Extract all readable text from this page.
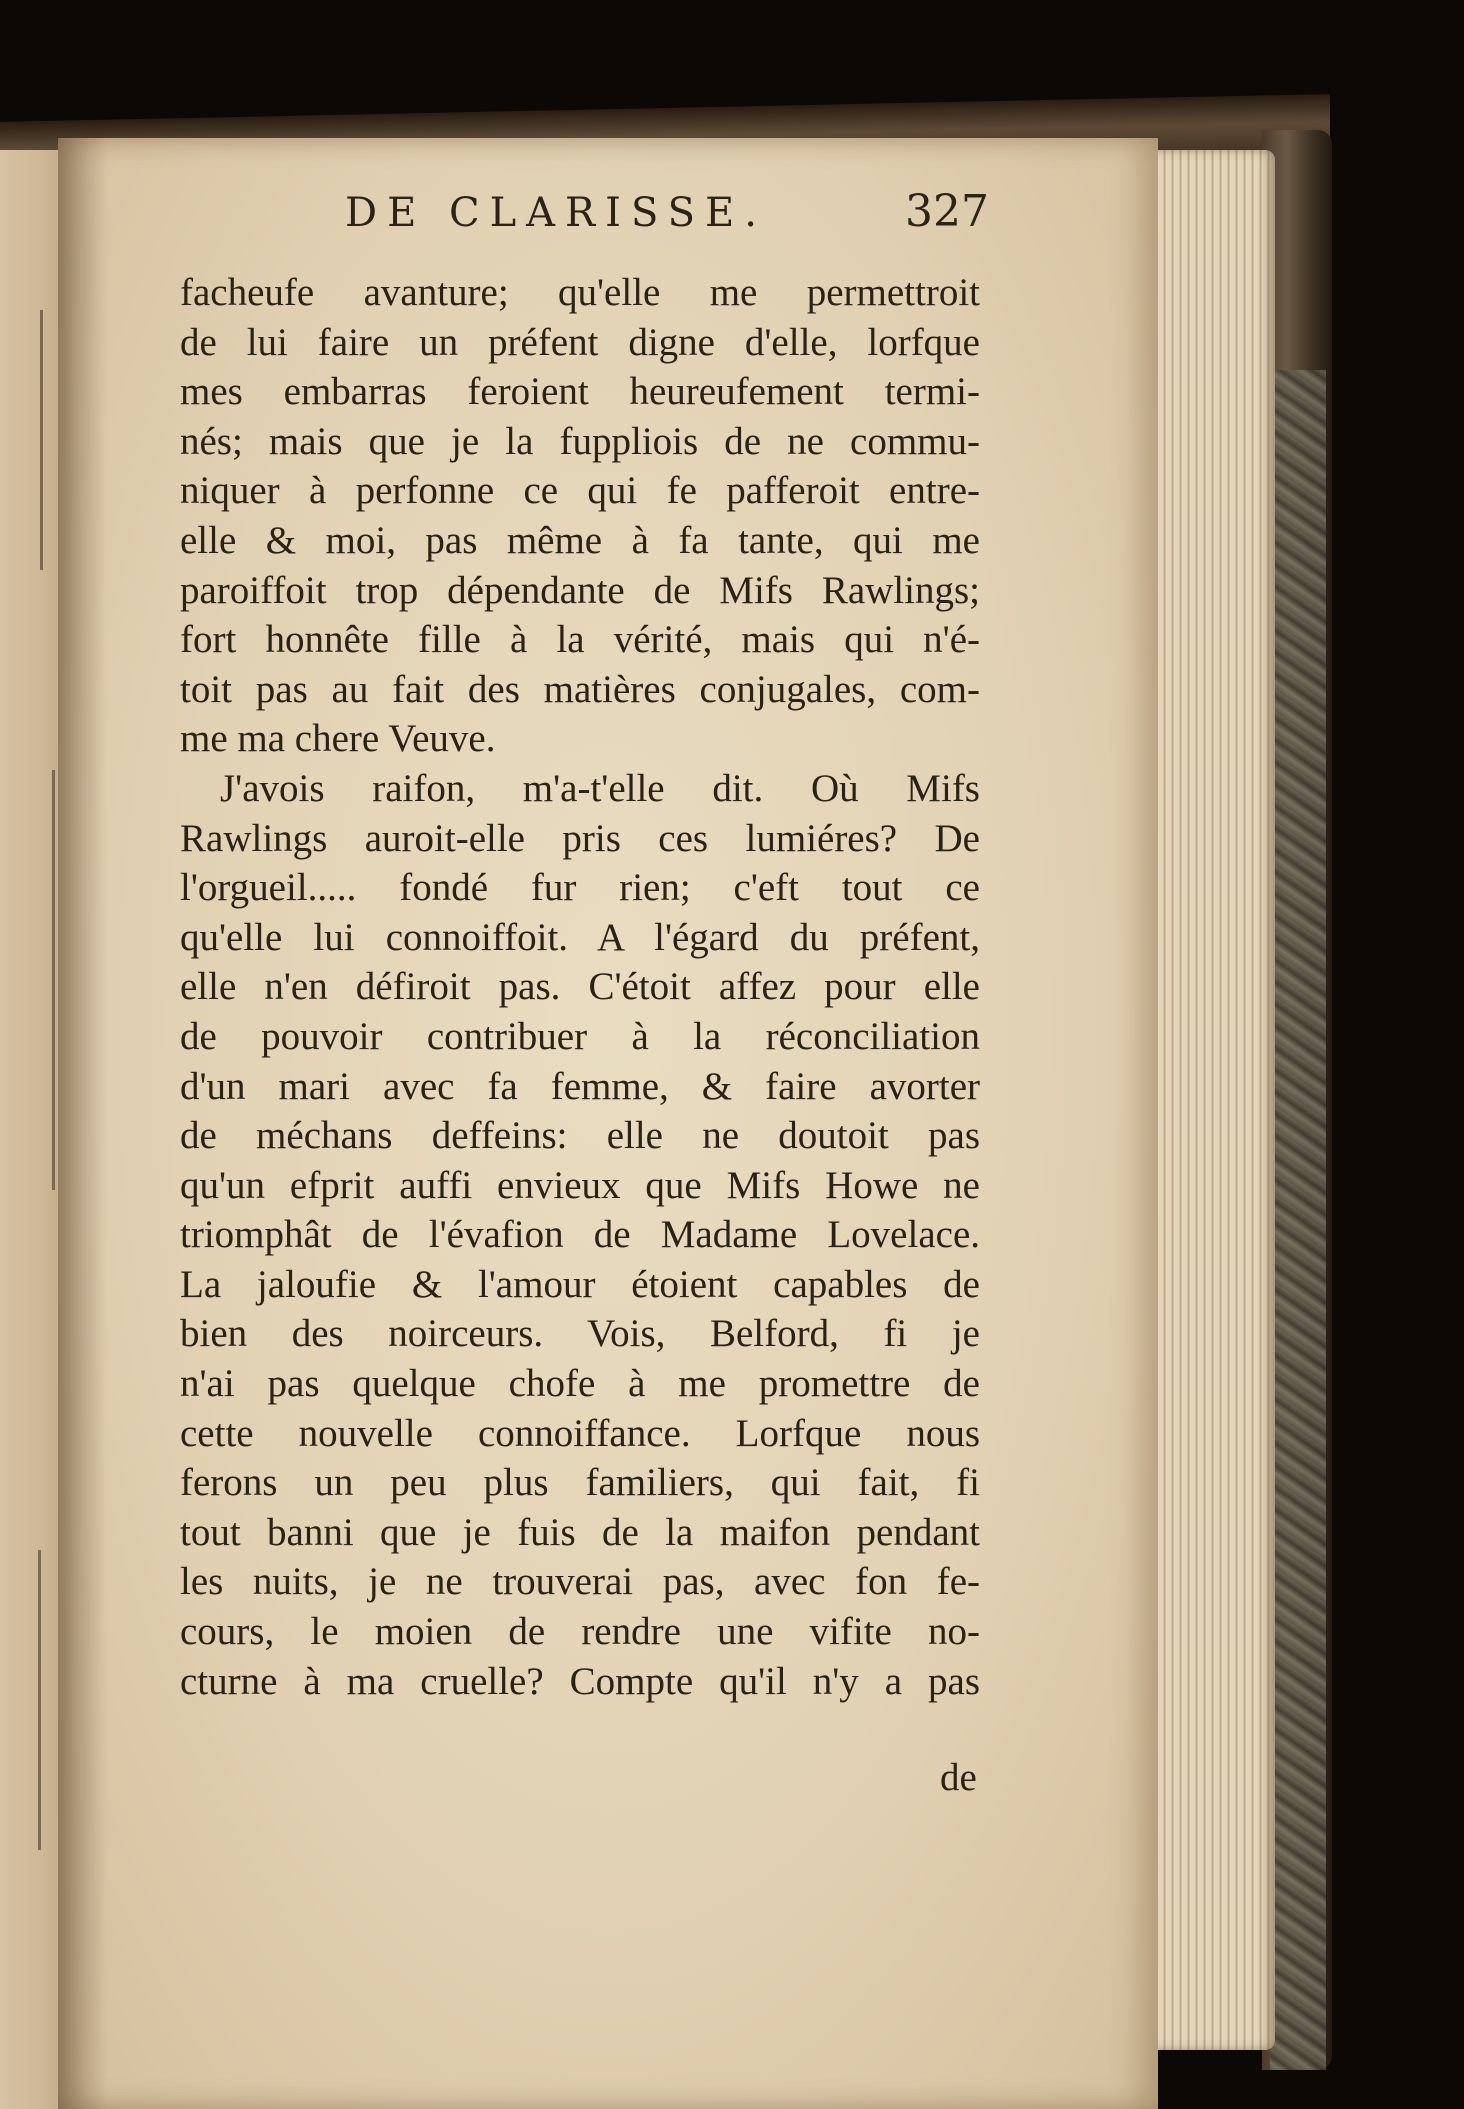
DE CLARISSE.	327
facheufe avanture; qu'elle me permettroit
de lui faire un préfent digne d'elle, lorfque
mes embarras feroient heureufement termi-
nés; mais que je la fuppliois de ne commu-
niquer à perfonne ce qui fe pafferoit entre-
elle & moi, pas même à fa tante, qui me
paroiffoit trop dépendante de Mifs Rawlings;
fort honnête fille à la vérité, mais qui n'é-
toit pas au fait des matières conjugales, com-
me ma chere Veuve.
J'avois raifon, m'a-t'elle dit. Où Mifs
Rawlings auroit-elle pris ces lumiéres? De
l'orgueil..... fondé fur rien; c'eft tout ce
qu'elle lui connoiffoit. A l'égard du préfent,
elle n'en défiroit pas. C'étoit affez pour elle
de pouvoir contribuer à la réconciliation
d'un mari avec fa femme, & faire avorter
de méchans deffeins: elle ne doutoit pas
qu'un efprit auffi envieux que Mifs Howe ne
triomphât de l'évafion de Madame Lovelace.
La jaloufie & l'amour étoient capables de
bien des noirceurs. Vois, Belford, fi je
n'ai pas quelque chofe à me promettre de
cette nouvelle connoiffance. Lorfque nous
ferons un peu plus familiers, qui fait, fi
tout banni que je fuis de la maifon pendant
les nuits, je ne trouverai pas, avec fon fe-
cours, le moien de rendre une vifite no-
cturne à ma cruelle? Compte qu'il n'y a pas
de
